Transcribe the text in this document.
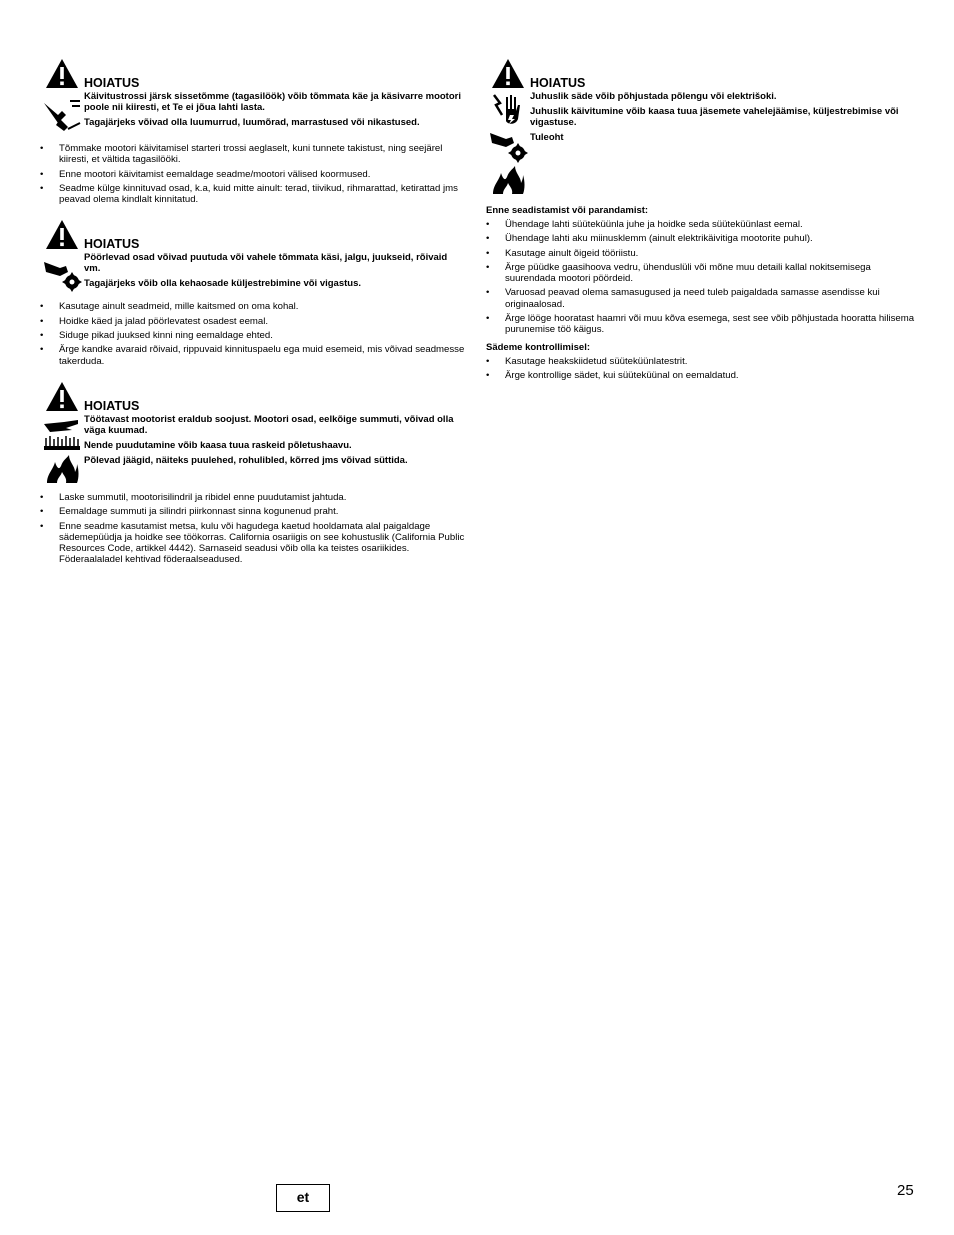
HOIATUS
Käivitustrossi järsk sissetõmme (tagasilöök) võib tõmmata käe ja käsivarre mootori poole nii kiiresti, et Te ei jõua lahti lasta.
Tagajärjeks võivad olla luumurrud, luumõrad, marrastused või nikastused.
• Tõmmake mootori käivitamisel starteri trossi aeglaselt, kuni tunnete takistust, ning seejärel kiiresti, et vältida tagasilööki.
• Enne mootori käivitamist eemaldage seadme/mootori välised koormused.
• Seadme külge kinnituvad osad, k.a, kuid mitte ainult: terad, tiivikud, rihmarattad, ketirattad jms peavad olema kindlalt kinnitatud.
HOIATUS
Pöörlevad osad võivad puutuda või vahele tõmmata käsi, jalgu, juukseid, rõivaid vm.
Tagajärjeks võib olla kehaosade küljestrebimine või vigastus.
• Kasutage ainult seadmeid, mille kaitsmed on oma kohal.
• Hoidke käed ja jalad pöörlevatest osadest eemal.
• Siduge pikad juuksed kinni ning eemaldage ehted.
• Ärge kandke avaraid rõivaid, rippuvaid kinnituspaelu ega muid esemeid, mis võivad seadmesse takerduda.
HOIATUS
Töötavast mootorist eraldub soojust. Mootori osad, eelkõige summuti, võivad olla väga kuumad.
Nende puudutamine võib kaasa tuua raskeid põletushaavu.
Põlevad jäägid, näiteks puulehed, rohulibled, kõrred jms võivad süttida.
• Laske summutil, mootorisilindril ja ribidel enne puudutamist jahtuda.
• Eemaldage summuti ja silindri piirkonnast sinna kogunenud praht.
• Enne seadme kasutamist metsa, kulu või hagudega kaetud hooldamata alal paigaldage sädemepüüdja ja hoidke see töökorras. California osariigis on see kohustuslik (California Public Resources Code, artikkel 4442). Sarnaseid seadusi võib olla ka teistes osariikides. Föderaalaladel kehtivad föderaalseadused.
HOIATUS
Juhuslik säde võib põhjustada põlengu või elektrišoki.
Juhuslik käivitumine võib kaasa tuua jäsemete vahelejäämise, küljestrebimise või vigastuse.
Tuleoht
Enne seadistamist või parandamist:
• Ühendage lahti süüteküünla juhe ja hoidke seda süüteküünlast eemal.
• Ühendage lahti aku miinusklemm (ainult elektrikäivitiga mootorite puhul).
• Kasutage ainult õigeid tööriistu.
• Ärge püüdke gaasihoova vedru, ühenduslüli või mõne muu detaili kallal nokitsemisega suurendada mootori pöördeid.
• Varuosad peavad olema samasugused ja need tuleb paigaldada samasse asendisse kui originaalosad.
• Ärge lööge hooratast haamri või muu kõva esemega, sest see võib põhjustada hooratta hilisema purunemise töö käigus.
Sädeme kontrollimisel:
• Kasutage heakskiidetud süüteküünlatestrit.
• Ärge kontrollige sädet, kui süüteküünal on eemaldatud.
et	25
